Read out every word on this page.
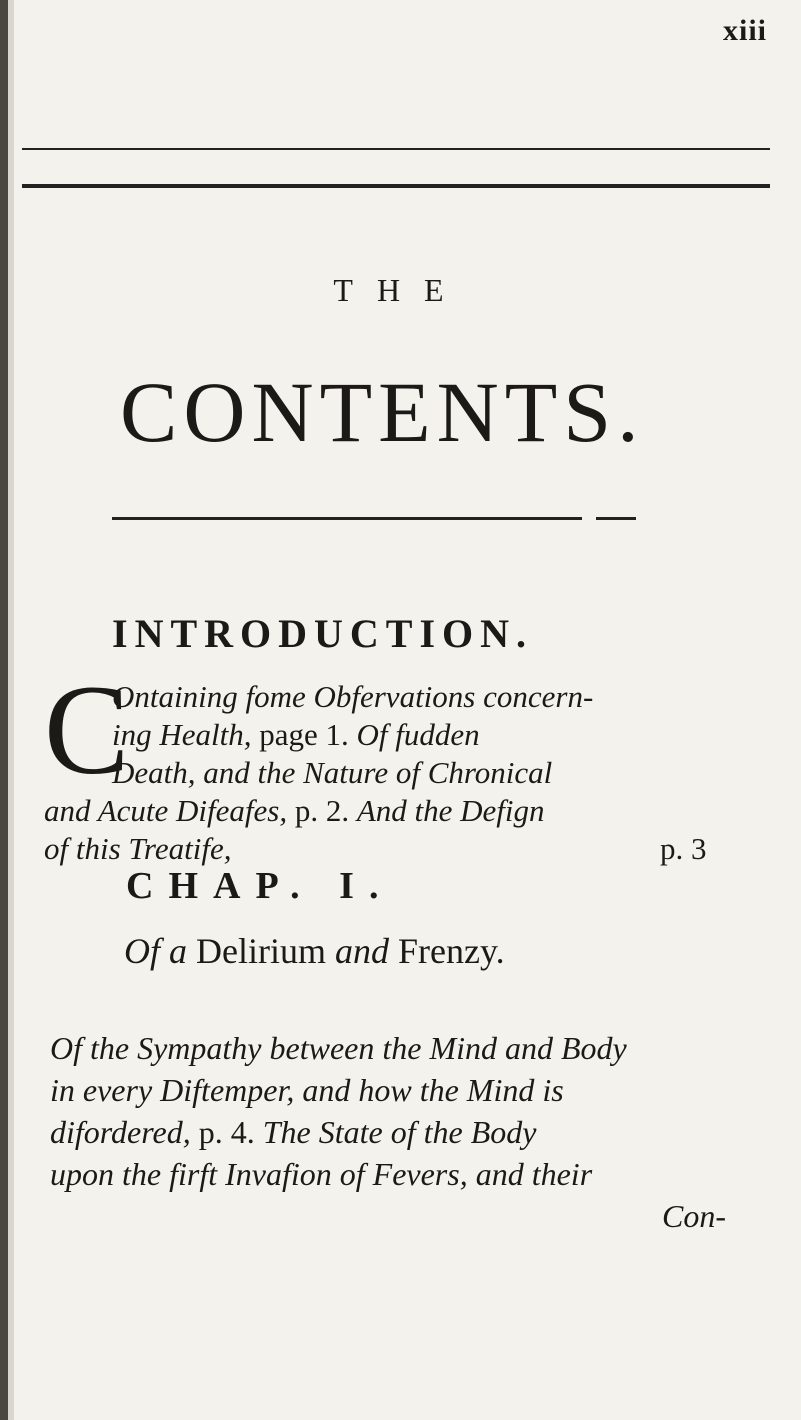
xiii
THE
CONTENTS.
INTRODUCTION.
C
Ontaining fome Obfervations concern-
ing Health, page 1. Of fudden
Death, and the Nature of Chronical
and Acute Difeafes, p. 2. And the Defign
of this Treatife,	p. 3
CHAP. I.
Of a Delirium and Frenzy.
Of the Sympathy between the Mind and Body
in every Diftemper, and how the Mind is
difordered, p. 4. The State of the Body
upon the firft Invafion of Fevers, and their
Con-
